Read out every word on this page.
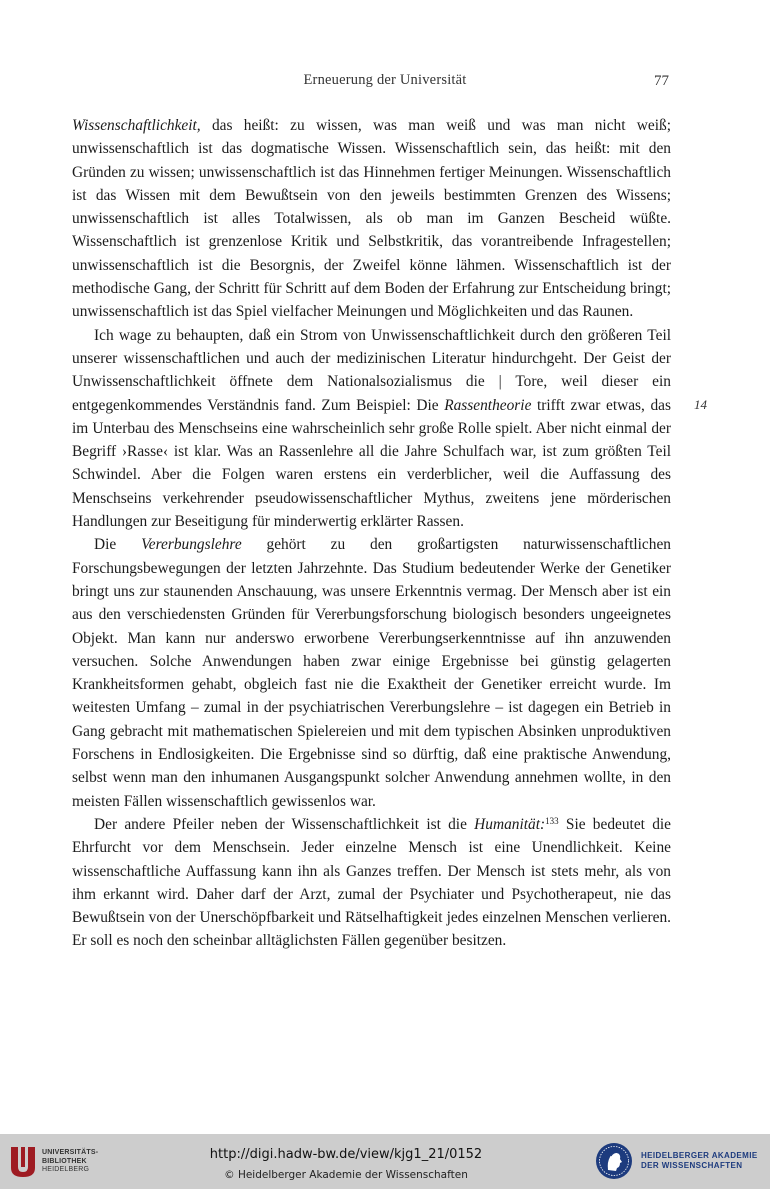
Erneuerung der Universität	77

Wissenschaftlichkeit, das heißt: zu wissen, was man weiß und was man nicht weiß; unwissenschaftlich ist das dogmatische Wissen. Wissenschaftlich sein, das heißt: mit den Gründen zu wissen; unwissenschaftlich ist das Hinnehmen fertiger Meinungen. Wissenschaftlich ist das Wissen mit dem Bewußtsein von den jeweils bestimmten Grenzen des Wissens; unwissenschaftlich ist alles Totalwissen, als ob man im Ganzen Bescheid wüßte. Wissenschaftlich ist grenzenlose Kritik und Selbstkritik, das vorantreibende Infragestellen; unwissenschaftlich ist die Besorgnis, der Zweifel könne lähmen. Wissenschaftlich ist der methodische Gang, der Schritt für Schritt auf dem Boden der Erfahrung zur Entscheidung bringt; unwissenschaftlich ist das Spiel vielfacher Meinungen und Möglichkeiten und das Raunen.

Ich wage zu behaupten, daß ein Strom von Unwissenschaftlichkeit durch den größeren Teil unserer wissenschaftlichen und auch der medizinischen Literatur hindurchgeht. Der Geist der Unwissenschaftlichkeit öffnete dem Nationalsozialismus die | Tore, weil dieser ein entgegenkommendes Verständnis fand. Zum Beispiel: Die Rassentheorie trifft zwar etwas, das im Unterbau des Menschseins eine wahrscheinlich sehr große Rolle spielt. Aber nicht einmal der Begriff ›Rasse‹ ist klar. Was an Rassenlehre all die Jahre Schulfach war, ist zum größten Teil Schwindel. Aber die Folgen waren erstens ein verderblicher, weil die Auffassung des Menschseins verkehrender pseudowissenschaftlicher Mythus, zweitens jene mörderischen Handlungen zur Beseitigung für minderwertig erklärter Rassen.

Die Vererbungslehre gehört zu den großartigsten naturwissenschaftlichen Forschungsbewegungen der letzten Jahrzehnte. Das Studium bedeutender Werke der Genetiker bringt uns zur staunenden Anschauung, was unsere Erkenntnis vermag. Der Mensch aber ist ein aus den verschiedensten Gründen für Vererbungsforschung biologisch besonders ungeeignetes Objekt. Man kann nur anderswo erworbene Vererbungserkenntnisse auf ihn anzuwenden versuchen. Solche Anwendungen haben zwar einige Ergebnisse bei günstig gelagerten Krankheitsformen gehabt, obgleich fast nie die Exaktheit der Genetiker erreicht wurde. Im weitesten Umfang – zumal in der psychiatrischen Vererbungslehre – ist dagegen ein Betrieb in Gang gebracht mit mathematischen Spielereien und mit dem typischen Absinken unproduktiven Forschens in Endlosigkeiten. Die Ergebnisse sind so dürftig, daß eine praktische Anwendung, selbst wenn man den inhumanen Ausgangspunkt solcher Anwendung annehmen wollte, in den meisten Fällen wissenschaftlich gewissenlos war.

Der andere Pfeiler neben der Wissenschaftlichkeit ist die Humanität:$^{133}$ Sie bedeutet die Ehrfurcht vor dem Menschsein. Jeder einzelne Mensch ist eine Unendlichkeit. Keine wissenschaftliche Auffassung kann ihn als Ganzes treffen. Der Mensch ist stets mehr, als von ihm erkannt wird. Daher darf der Arzt, zumal der Psychiater und Psychotherapeut, nie das Bewußtsein von der Unerschöpfbarkeit und Rätselhaftigkeit jedes einzelnen Menschen verlieren. Er soll es noch den scheinbar alltäglichsten Fällen gegenüber besitzen.

14
UNIVERSITÄTS-
BIBLIOTHEK
HEIDELBERG
http://digi.hadw-bw.de/view/kjg1_21/0152
© Heidelberger Akademie der Wissenschaften
HEIDELBERGER AKADEMIE
DER WISSENSCHAFTEN
